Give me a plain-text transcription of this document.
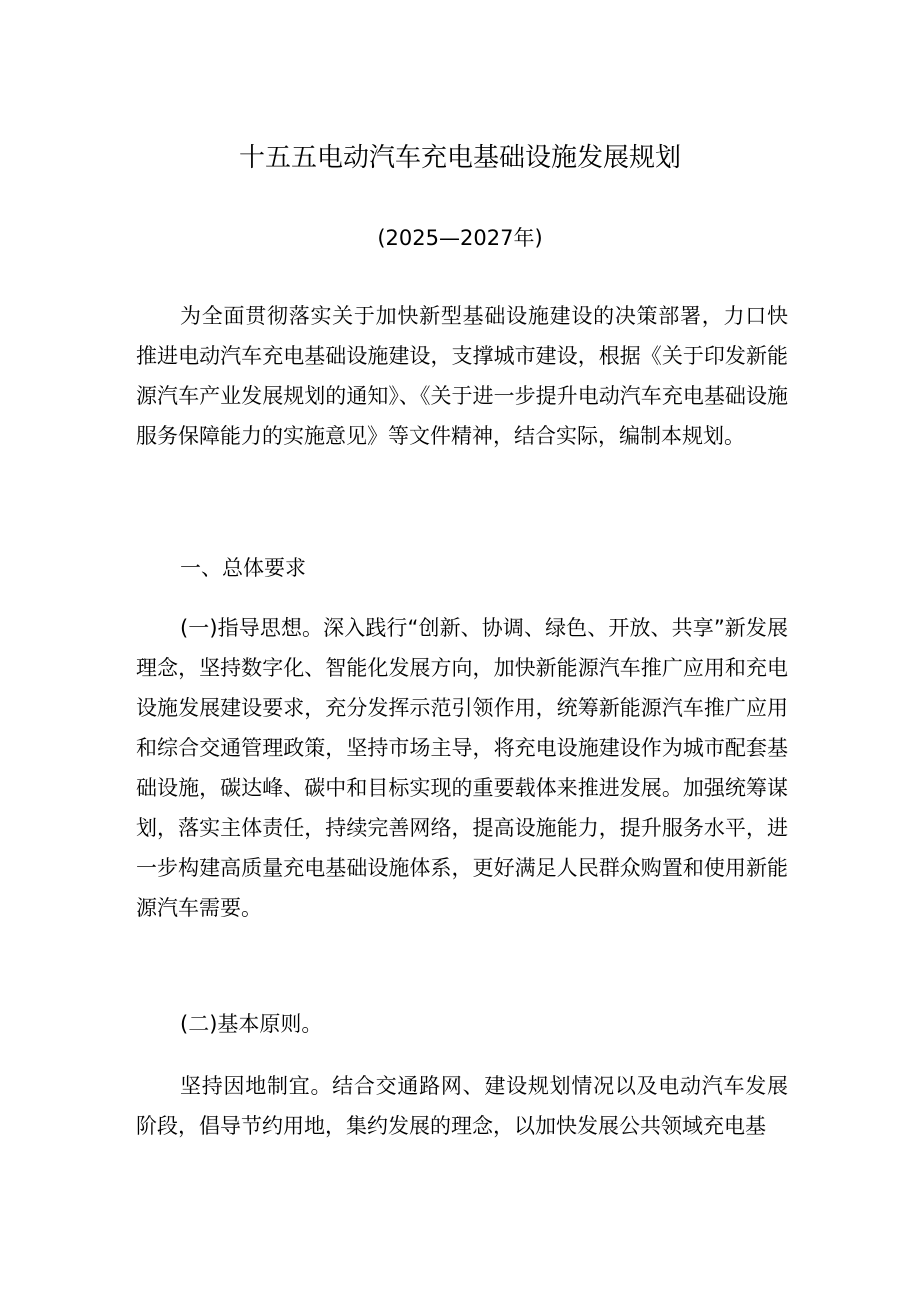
十五五电动汽车充电基础设施发展规划
(2025—2027年)

为全面贯彻落实关于加快新型基础设施建设的决策部署，力口快推进电动汽车充电基础设施建设，支撑城市建设，根据《关于印发新能源汽车产业发展规划的通知》、《关于进一步提升电动汽车充电基础设施服务保障能力的实施意见》等文件精神，结合实际，编制本规划。

一、总体要求

(一)指导思想。深入践行“创新、协调、绿色、开放、共享”新发展理念，坚持数字化、智能化发展方向，加快新能源汽车推广应用和充电设施发展建设要求，充分发挥示范引领作用，统筹新能源汽车推广应用和综合交通管理政策，坚持市场主导，将充电设施建设作为城市配套基础设施，碳达峰、碳中和目标实现的重要载体来推进发展。加强统筹谋划，落实主体责任，持续完善网络，提高设施能力，提升服务水平，进一步构建高质量充电基础设施体系，更好满足人民群众购置和使用新能源汽车需要。

(二)基本原则。

坚持因地制宜。结合交通路网、建设规划情况以及电动汽车发展阶段，倡导节约用地，集约发展的理念，以加快发展公共领域充电基
